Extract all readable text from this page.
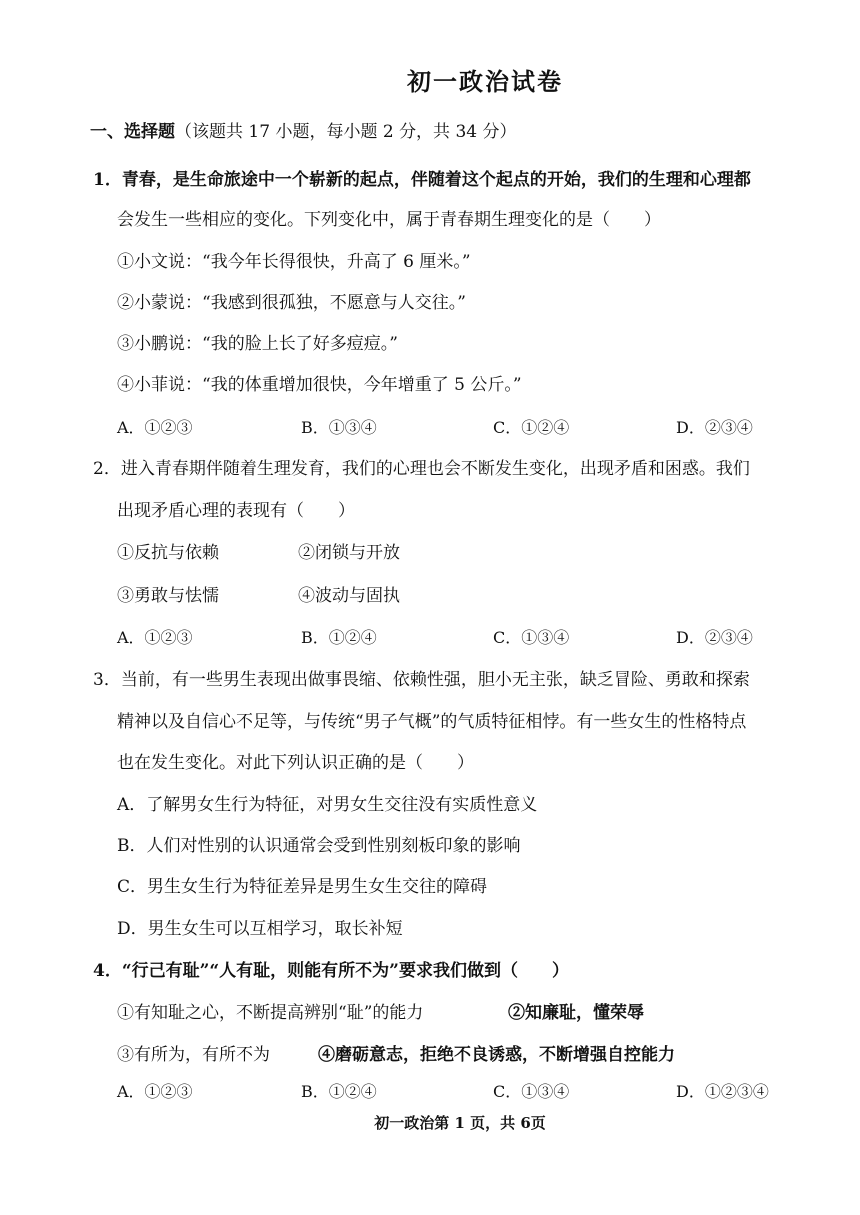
初一政治试卷
一、选择题（该题共 17 小题，每小题 2 分，共 34 分）
1．青春，是生命旅途中一个崭新的起点，伴随着这个起点的开始，我们的生理和心理都
会发生一些相应的变化。下列变化中，属于青春期生理变化的是（　　）
①小文说：“我今年长得很快，升高了 6 厘米。”
②小蒙说：“我感到很孤独，不愿意与人交往。”
③小鹏说：“我的脸上长了好多痘痘。”
④小菲说：“我的体重增加很快，今年增重了 5 公斤。”
A．①②③	B．①③④	C．①②④	D．②③④
2．进入青春期伴随着生理发育，我们的心理也会不断发生变化，出现矛盾和困惑。我们
出现矛盾心理的表现有（　　）
①反抗与依赖	②闭锁与开放
③勇敢与怯懦	④波动与固执
A．①②③	B．①②④	C．①③④	D．②③④
3．当前，有一些男生表现出做事畏缩、依赖性强，胆小无主张，缺乏冒险、勇敢和探索
精神以及自信心不足等，与传统“男子气概”的气质特征相悖。有一些女生的性格特点
也在发生变化。对此下列认识正确的是（　　）
A．了解男女生行为特征，对男女生交往没有实质性意义
B．人们对性别的认识通常会受到性别刻板印象的影响
C．男生女生行为特征差异是男生女生交往的障碍
D．男生女生可以互相学习，取长补短
4．“行己有耻”“人有耻，则能有所不为”要求我们做到（　　）
①有知耻之心，不断提高辨别“耻”的能力	②知廉耻，懂荣辱
③有所为，有所不为	④磨砺意志，拒绝不良诱惑，不断增强自控能力
A．①②③	B．①②④	C．①③④	D．①②③④
初一政治第 1 页，共 6页
